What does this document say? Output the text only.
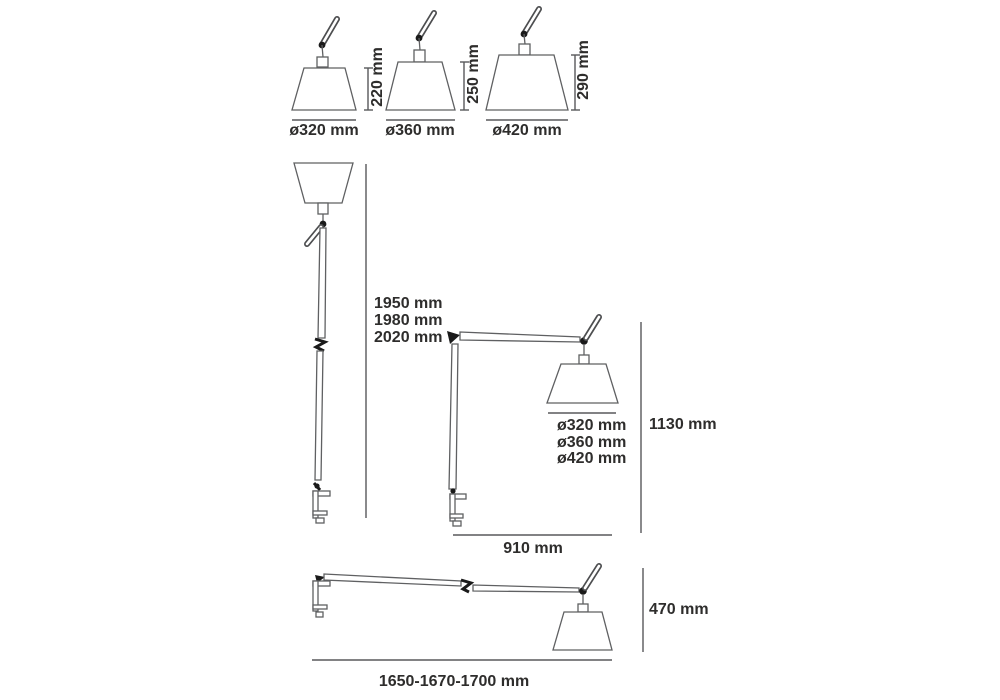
220 mm	250 mm	290 mm
ø320 mm	ø360 mm	ø420 mm
1950 mm
1980 mm
2020 mm
ø320 mm
ø360 mm
ø420 mm
1130 mm
910 mm
470 mm
1650-1670-1700 mm
